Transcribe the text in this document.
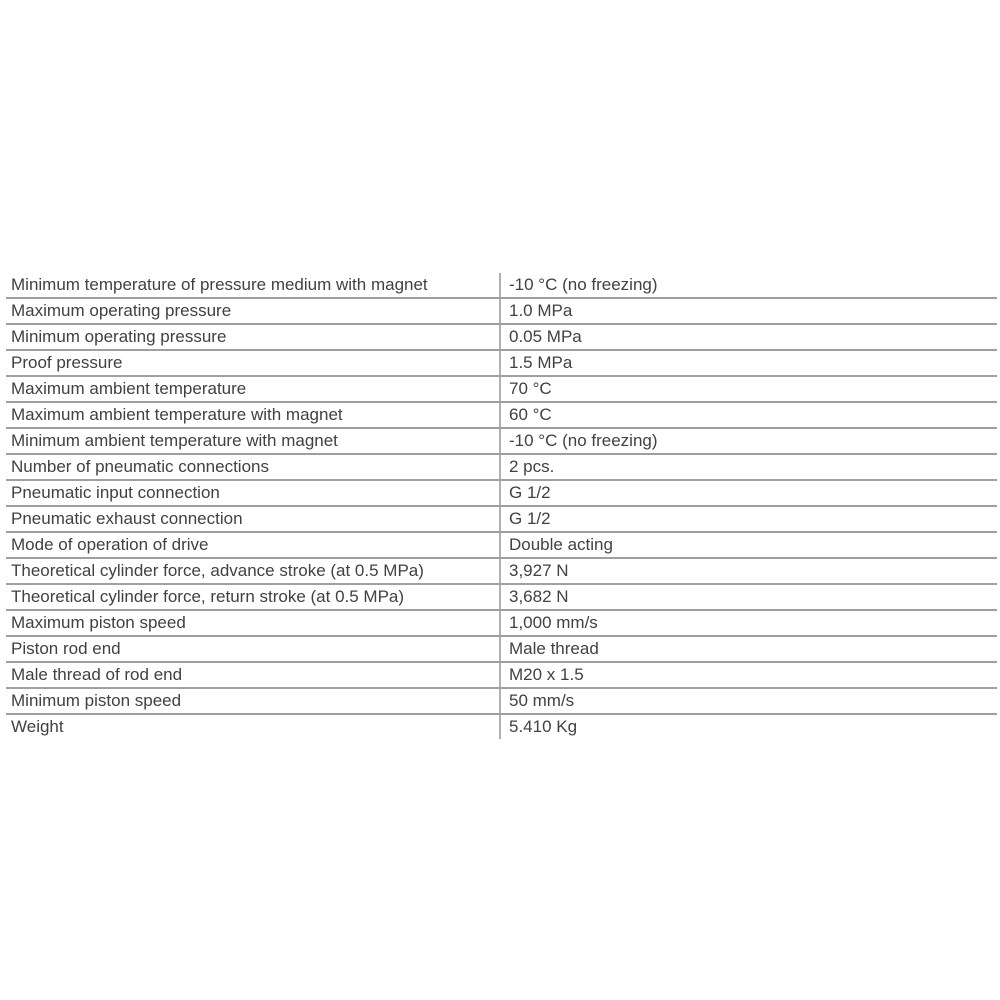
Minimum temperature of pressure medium with magnet	-10 °C (no freezing)
Maximum operating pressure	1.0 MPa
Minimum operating pressure	0.05 MPa
Proof pressure	1.5 MPa
Maximum ambient temperature	70 °C
Maximum ambient temperature with magnet	60 °C
Minimum ambient temperature with magnet	-10 °C (no freezing)
Number of pneumatic connections	2 pcs.
Pneumatic input connection	G 1/2
Pneumatic exhaust connection	G 1/2
Mode of operation of drive	Double acting
Theoretical cylinder force, advance stroke (at 0.5 MPa)	3,927 N
Theoretical cylinder force, return stroke (at 0.5 MPa)	3,682 N
Maximum piston speed	1,000 mm/s
Piston rod end	Male thread
Male thread of rod end	M20 x 1.5
Minimum piston speed	50 mm/s
Weight	5.410 Kg
